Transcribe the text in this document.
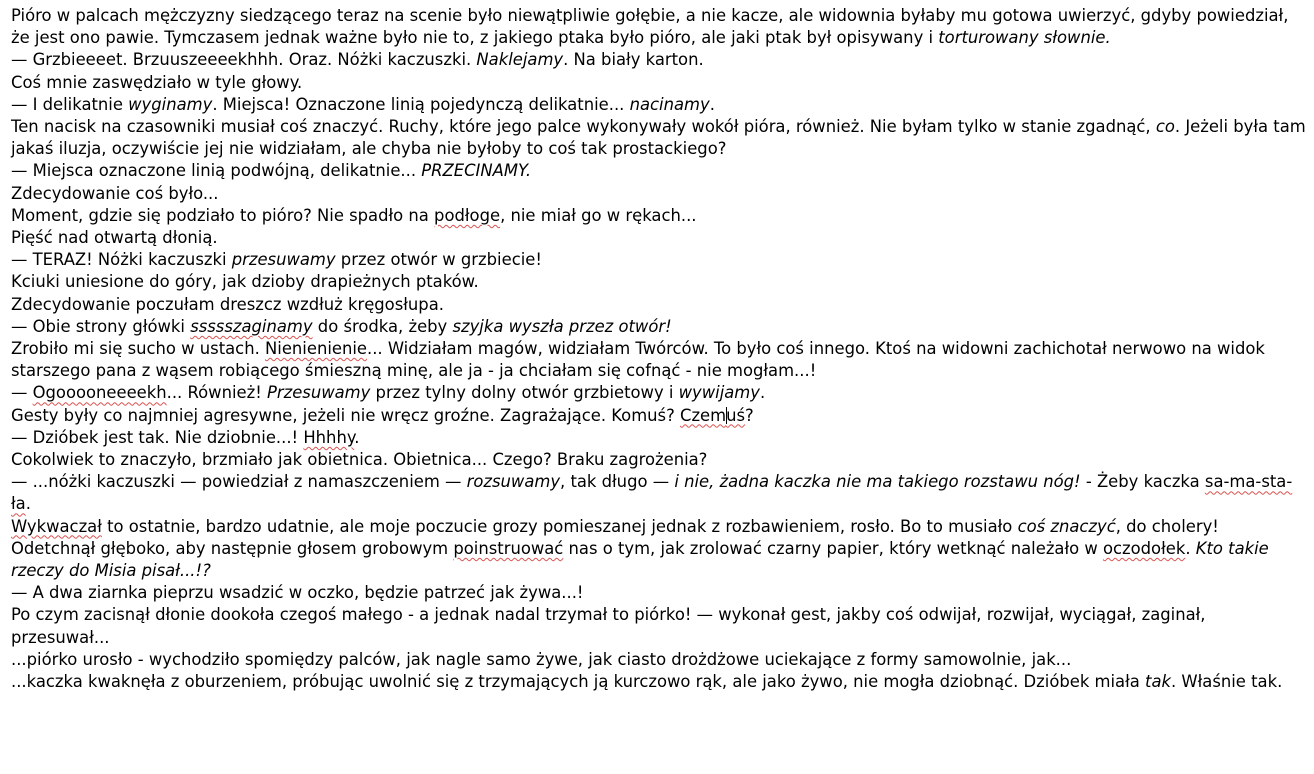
Pióro w palcach mężczyzny siedzącego teraz na scenie było niewątpliwie gołębie, a nie kacze, ale widownia byłaby mu gotowa uwierzyć, gdyby powiedział, że jest ono pawie. Tymczasem jednak ważne było nie to, z jakiego ptaka było pióro, ale jaki ptak był opisywany i torturowany słownie.

— Grzbieeeet. Brzuuszeeeekhhh. Oraz. Nóżki kaczuszki. Naklejamy. Na biały karton.

Coś mnie zaswędziało w tyle głowy.

— I delikatnie wyginamy. Miejsca! Oznaczone linią pojedynczą delikatnie... nacinamy.

Ten nacisk na czasowniki musiał coś znaczyć. Ruchy, które jego palce wykonywały wokół pióra, również. Nie byłam tylko w stanie zgadnąć, co. Jeżeli była tam jakaś iluzja, oczywiście jej nie widziałam, ale chyba nie byłoby to coś tak prostackiego?

— Miejsca oznaczone linią podwójną, delikatnie... PRZECINAMY.

Zdecydowanie coś było...

Moment, gdzie się podziało to pióro? Nie spadło na podłoge, nie miał go w rękach...

Pięść nad otwartą dłonią.

— TERAZ! Nóżki kaczuszki przesuwamy przez otwór w grzbiecie!

Kciuki uniesione do góry, jak dzioby drapieżnych ptaków.

Zdecydowanie poczułam dreszcz wzdłuż kręgosłupa.

— Obie strony główki ssssszaginamy do środka, żeby szyjka wyszła przez otwór!

Zrobiło mi się sucho w ustach. Nienienienie... Widziałam magów, widziałam Twórców. To było coś innego. Ktoś na widowni zachichotał nerwowo na widok starszego pana z wąsem robiącego śmieszną minę, ale ja - ja chciałam się cofnąć - nie mogłam...!

— Ogooooneeeekh... Również! Przesuwamy przez tylny dolny otwór grzbietowy i wywijamy.

Gesty były co najmniej agresywne, jeżeli nie wręcz groźne. Zagrażające. Komuś? Czemuś?

— Dzióbek jest tak. Nie dziobnie...! Hhhhy.

Cokolwiek to znaczyło, brzmiało jak obietnica. Obietnica... Czego? Braku zagrożenia?

— ...nóżki kaczuszki — powiedział z namaszczeniem — rozsuwamy, tak długo — i nie, żadna kaczka nie ma takiego rozstawu nóg! - Żeby kaczka sa-ma-sta-ła.

Wykwaczał to ostatnie, bardzo udatnie, ale moje poczucie grozy pomieszanej jednak z rozbawieniem, rosło. Bo to musiało coś znaczyć, do cholery!

Odetchnął głęboko, aby następnie głosem grobowym poinstruować nas o tym, jak zrolować czarny papier, który wetknąć należało w oczodołek. Kto takie rzeczy do Misia pisał...!?

— A dwa ziarnka pieprzu wsadzić w oczko, będzie patrzeć jak żywa...!

Po czym zacisnął dłonie dookoła czegoś małego - a jednak nadal trzymał to piórko! — wykonał gest, jakby coś odwijał, rozwijał, wyciągał, zaginał, przesuwał...

...piórko urosło - wychodziło spomiędzy palców, jak nagle samo żywe, jak ciasto drożdżowe uciekające z formy samowolnie, jak...

...kaczka kwaknęła z oburzeniem, próbując uwolnić się z trzymających ją kurczowo rąk, ale jako żywo, nie mogła dziobnąć. Dzióbek miała tak. Właśnie tak.
